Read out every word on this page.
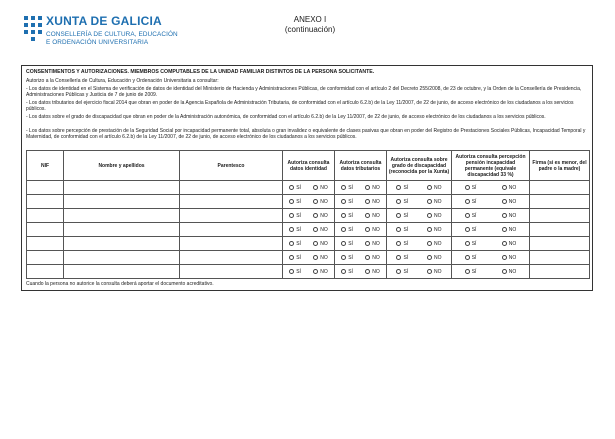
XUNTA DE GALICIA
CONSELLERÍA DE CULTURA, EDUCACIÓN
E ORDENACIÓN UNIVERSITARIA
ANEXO I
(continuación)
CONSENTIMENTOS Y AUTORIZACIONES. MIEMBROS COMPUTABLES DE LA UNIDAD FAMILIAR DISTINTOS DE LA PERSONA SOLICITANTE.
Autorizo a la Consellería de Cultura, Educación y Ordenación Universitaria a consultar:
- Los datos de identidad en el Sistema de verificación de datos de identidad del Ministerio de Hacienda y Administraciones Públicas, de conformidad con el artículo 2 del Decreto 255/2008, de 23 de octubre, y la Orden de la Consellería de Presidencia, Administraciones Públicas y Justicia de 7 de junio de 2009.
- Los datos tributarios del ejercicio fiscal 2014 que obran en poder de la Agencia Española de Administración Tributaria, de conformidad con el artículo 6.2.b) de la Ley 11/2007, de 22 de junio, de acceso electrónico de los ciudadanos a los servicios públicos.
- Los datos sobre el grado de discapacidad que obran en poder de la Administración autonómica, de conformidad con el artículo 6.2.b) de la Ley 11/2007, de 22 de junio, de acceso electrónico de los ciudadanos a los servicios públicos.
- Los datos sobre percepción de prestación de la Seguridad Social por incapacidad permanente total, absoluta o gran invalidez o equivalente de clases pasivas que obran en poder del Registro de Prestaciones Sociales Públicas, Incapacidad Temporal y Maternidad, de conformidad con el artículo 6.2.b) de la Ley 11/2007, de 22 de junio, de acceso electrónico de los ciudadanos a los servicios públicos.
NIF	Nombre y apellidos	Parentesco	Autoriza consulta datos identidad	Autoriza consulta datos tributarios	Autoriza consulta sobre grado de discapacidad (reconocida por la Xunta)	Autoriza consulta percepción pensión incapacidad permanente (equivale discapacidad 33 %)	Firma (si es menor, del padre o la madre)

			SÍ NO	SÍ NO	SÍ NO	SÍ NO	

			SÍ NO	SÍ NO	SÍ NO	SÍ NO	

			SÍ NO	SÍ NO	SÍ NO	SÍ NO	

			SÍ NO	SÍ NO	SÍ NO	SÍ NO	

			SÍ NO	SÍ NO	SÍ NO	SÍ NO	

			SÍ NO	SÍ NO	SÍ NO	SÍ NO	

			SÍ NO	SÍ NO	SÍ NO	SÍ NO	

Cuando la persona no autorice la consulta deberá aportar el documento acreditativo.
